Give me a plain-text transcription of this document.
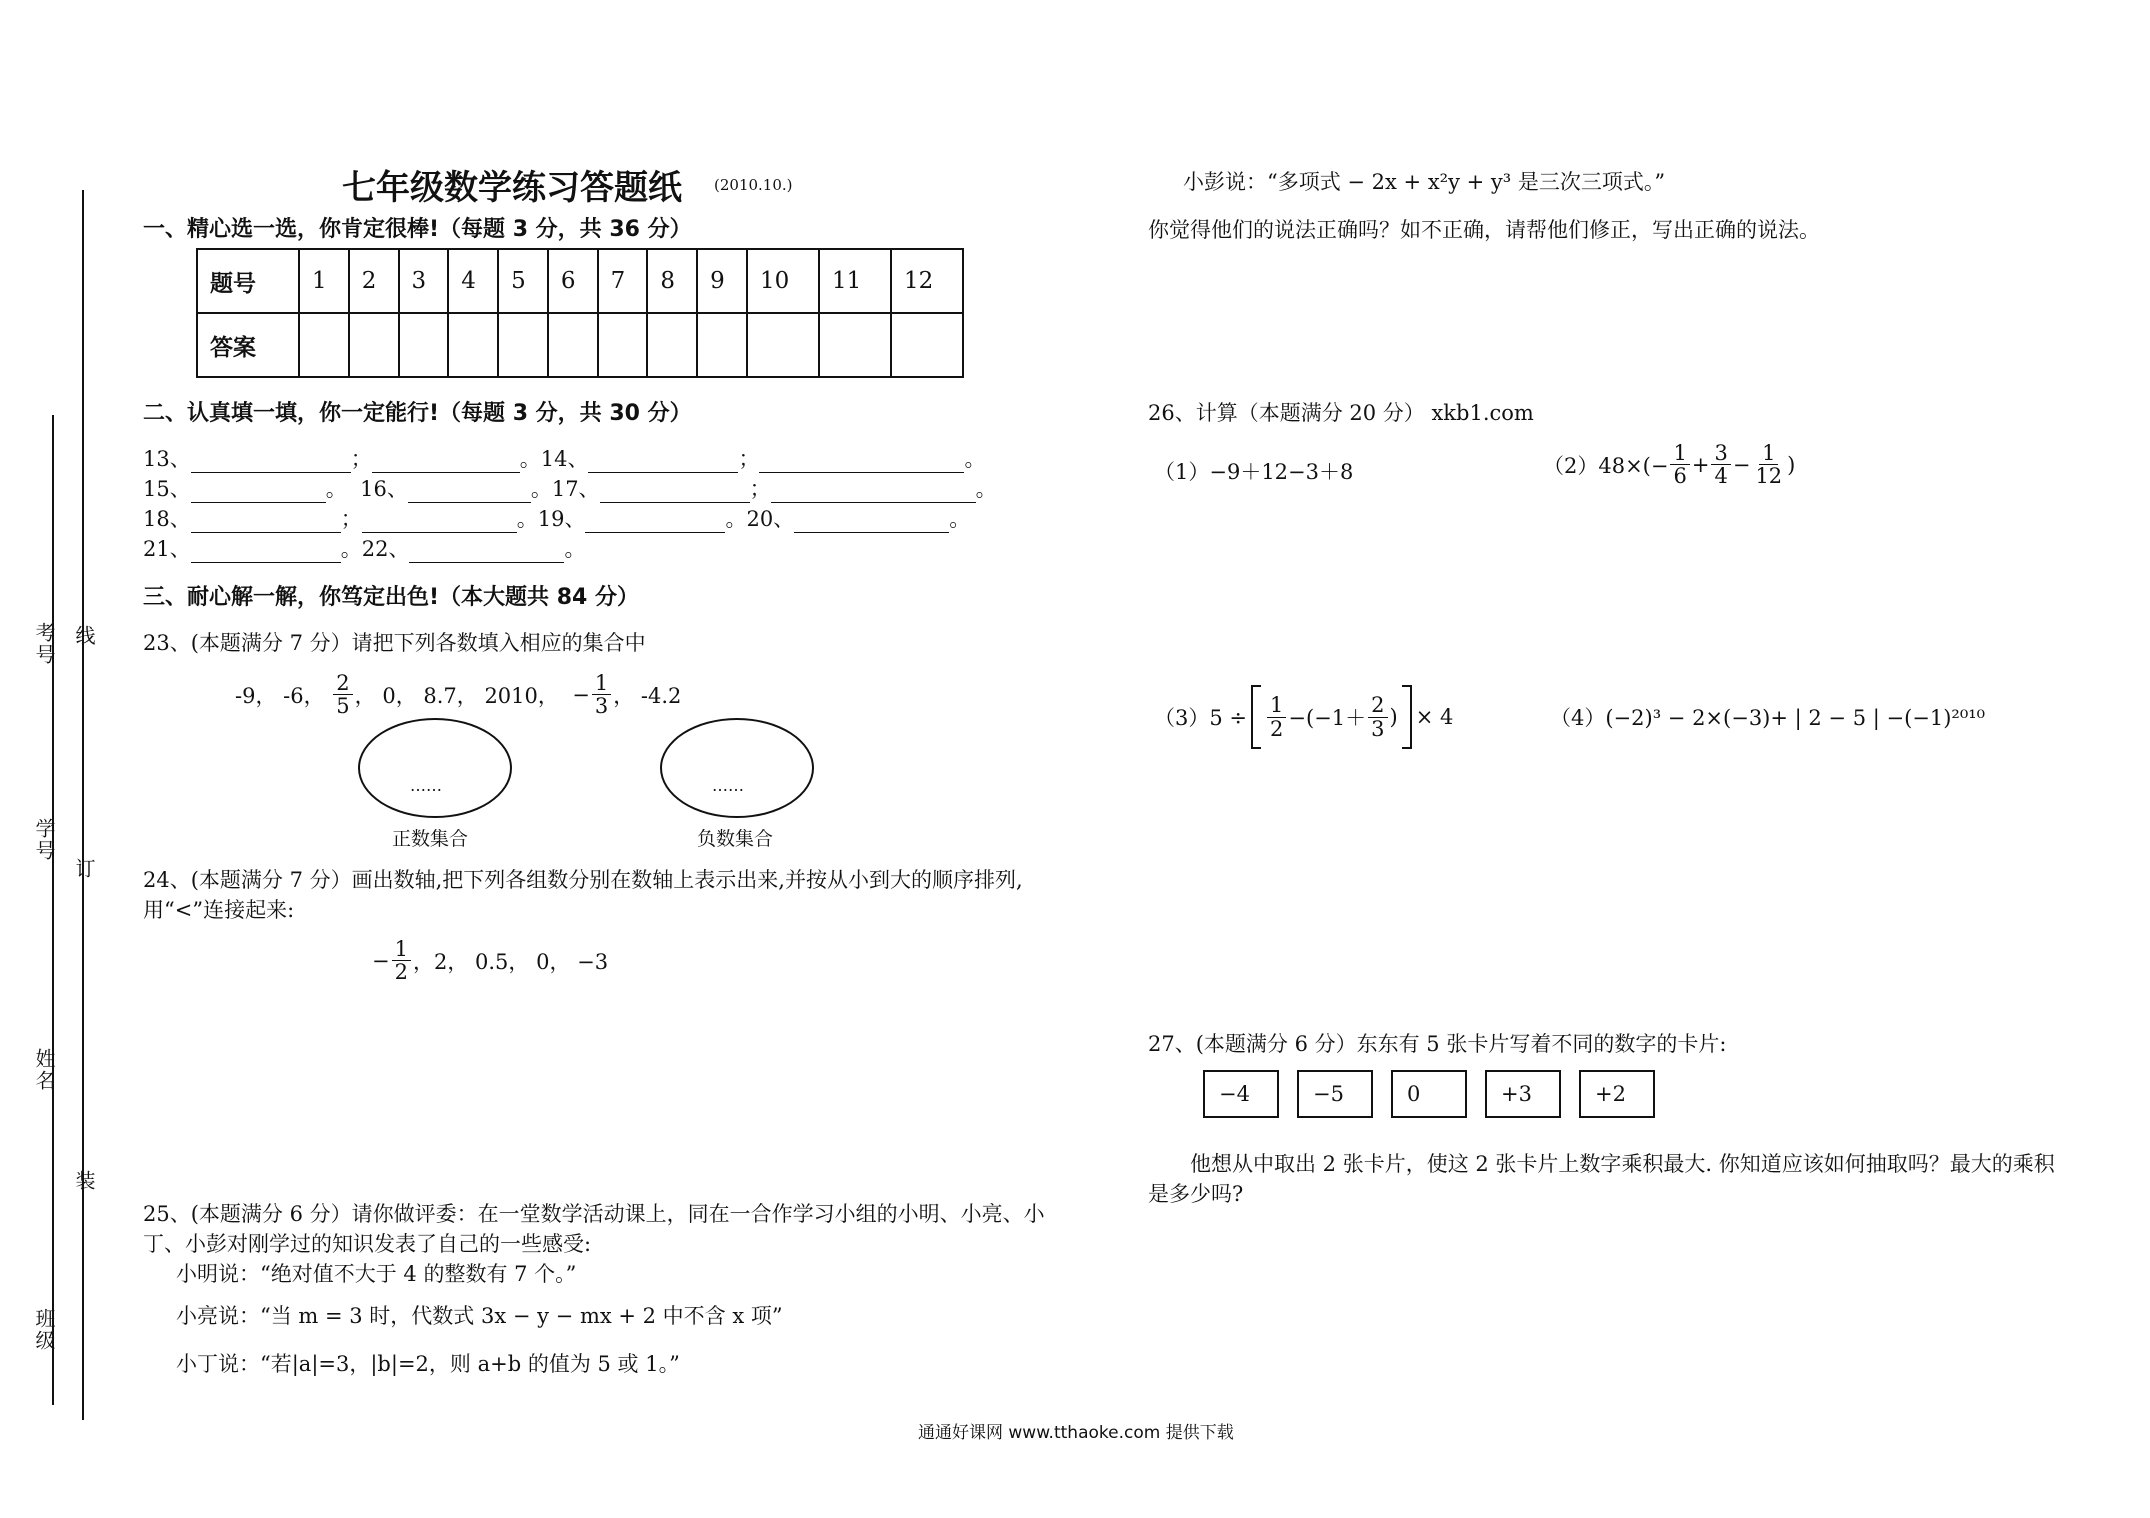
七年级数学练习答题纸 (2010.10.)
考号 线
学号
订
姓名
装
班级
一、精心选一选，你肯定很棒!（每题 3 分，共 36 分）
题号	1	2	3	4	5	6	7	8	9	10	11	12
答案												
二、认真填一填，你一定能行!（每题 3 分，共 30 分）
13、	；	。14、	；	。
15、	。 16、	。17、	；	。
18、	；	。19、	。20、	。
21、	。22、	。
三、耐心解一解，你笃定出色!（本大题共 84 分）
23、(本题满分 7 分）请把下列各数填入相应的集合中
-9， -6，
$\frac{2}{5}$ ， 0， 8.7， 2010， − $\frac{1}{3}$ ， -4.2
……	……
正数集合	负数集合
24、(本题满分 7 分）画出数轴,把下列各组数分别在数轴上表示出来,并按从小到大的顺序排列,
用“<”连接起来:
− $\frac{1}{2}$ ，2， 0.5， 0， −3
25、(本题满分 6 分）请你做评委：在一堂数学活动课上，同在一合作学习小组的小明、小亮、小
丁、小彭对刚学过的知识发表了自己的一些感受:
小明说：“绝对值不大于 4 的整数有 7 个。”
小亮说：“当 m = 3 时，代数式 3x − y − mx + 2 中不含 x 项”
小丁说：“若|a|=3，|b|=2，则 a+b 的值为 5 或 1。”
小彭说：“多项式 − 2x + x²y + y³ 是三次三项式。”
你觉得他们的说法正确吗？如不正确，请帮他们修正，写出正确的说法。
26、计算（本题满分 20 分） xkb1.com
（1）−9＋12−3＋8	$(2)48\times(- \frac{1}{6} + \frac{3}{4} - \frac{1}{12}$ )
$(3)5 \div \frac{1}{2} -(-1+ \frac{2}{3}$ ) × 4	（4）(−2)³ − 2×(−3)+ | 2 − 5 | −(−1)²⁰¹⁰
27、(本题满分 6 分）东东有 5 张卡片写着不同的数字的卡片:
−4	−5	0	+3	+2
他想从中取出 2 张卡片，使这 2 张卡片上数字乘积最大. 你知道应该如何抽取吗？最大的乘积
是多少吗?
通通好课网 www.tthaoke.com 提供下载
